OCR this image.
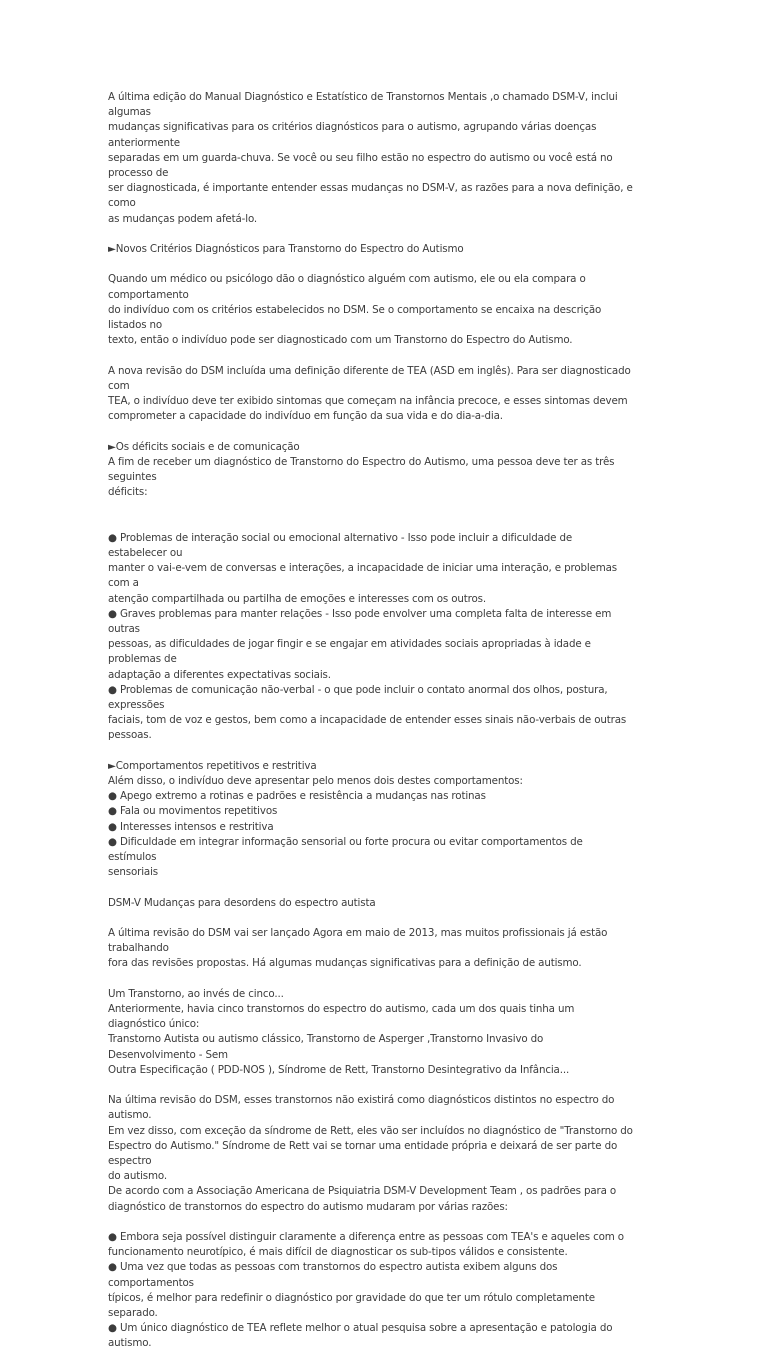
A última edição do Manual Diagnóstico e Estatístico de Transtornos Mentais ,o chamado DSM-V, inclui algumas
mudanças significativas para os critérios diagnósticos para o autismo, agrupando várias doenças anteriormente
separadas em um guarda-chuva. Se você ou seu filho estão no espectro do autismo ou você está no processo de
ser diagnosticada, é importante entender essas mudanças no DSM-V, as razões para a nova definição, e como
as mudanças podem afetá-lo.
►Novos Critérios Diagnósticos para Transtorno do Espectro do Autismo
Quando um médico ou psicólogo dão o diagnóstico alguém com autismo, ele ou ela compara o comportamento
do indivíduo com os critérios estabelecidos no DSM. Se o comportamento se encaixa na descrição listados no
texto, então o indivíduo pode ser diagnosticado com um Transtorno do Espectro do Autismo.
A nova revisão do DSM incluída uma definição diferente de TEA (ASD em inglês). Para ser diagnosticado com
TEA, o indivíduo deve ter exibido sintomas que começam na infância precoce, e esses sintomas devem
comprometer a capacidade do indivíduo em função da sua vida e do dia-a-dia.
►Os déficits sociais e de comunicação
A fim de receber um diagnóstico de Transtorno do Espectro do Autismo, uma pessoa deve ter as três seguintes
déficits:
● Problemas de interação social ou emocional alternativo - Isso pode incluir a dificuldade de estabelecer ou
manter o vai-e-vem de conversas e interações, a incapacidade de iniciar uma interação, e problemas com a
atenção compartilhada ou partilha de emoções e interesses com os outros.
● Graves problemas para manter relações - Isso pode envolver uma completa falta de interesse em outras
pessoas, as dificuldades de jogar fingir e se engajar em atividades sociais apropriadas à idade e problemas de
adaptação a diferentes expectativas sociais.
● Problemas de comunicação não-verbal - o que pode incluir o contato anormal dos olhos, postura, expressões
faciais, tom de voz e gestos, bem como a incapacidade de entender esses sinais não-verbais de outras pessoas.
►Comportamentos repetitivos e restritiva
Além disso, o indivíduo deve apresentar pelo menos dois destes comportamentos:
● Apego extremo a rotinas e padrões e resistência a mudanças nas rotinas
● Fala ou movimentos repetitivos
● Interesses intensos e restritiva
● Dificuldade em integrar informação sensorial ou forte procura ou evitar comportamentos de estímulos
sensoriais
DSM-V Mudanças para desordens do espectro autista
A última revisão do DSM vai ser lançado Agora em maio de 2013, mas muitos profissionais já estão trabalhando
fora das revisões propostas. Há algumas mudanças significativas para a definição de autismo.
Um Transtorno, ao invés de cinco...
Anteriormente, havia cinco transtornos do espectro do autismo, cada um dos quais tinha um diagnóstico único:
Transtorno Autista ou autismo clássico, Transtorno de Asperger ,Transtorno Invasivo do Desenvolvimento - Sem
Outra Especificação ( PDD-NOS ), Síndrome de Rett, Transtorno Desintegrativo da Infância...
Na última revisão do DSM, esses transtornos não existirá como diagnósticos distintos no espectro do autismo.
Em vez disso, com exceção da síndrome de Rett, eles vão ser incluídos no diagnóstico de "Transtorno do
Espectro do Autismo." Síndrome de Rett vai se tornar uma entidade própria e deixará de ser parte do espectro
do autismo.
De acordo com a Associação Americana de Psiquiatria DSM-V Development Team , os padrões para o
diagnóstico de transtornos do espectro do autismo mudaram por várias razões:
● Embora seja possível distinguir claramente a diferença entre as pessoas com TEA's e aqueles com o
funcionamento neurotípico, é mais difícil de diagnosticar os sub-tipos válidos e consistente.
● Uma vez que todas as pessoas com transtornos do espectro autista exibem alguns dos comportamentos
típicos, é melhor para redefinir o diagnóstico por gravidade do que ter um rótulo completamente separado.
● Um único diagnóstico de TEA reflete melhor o atual pesquisa sobre a apresentação e patologia do autismo.
